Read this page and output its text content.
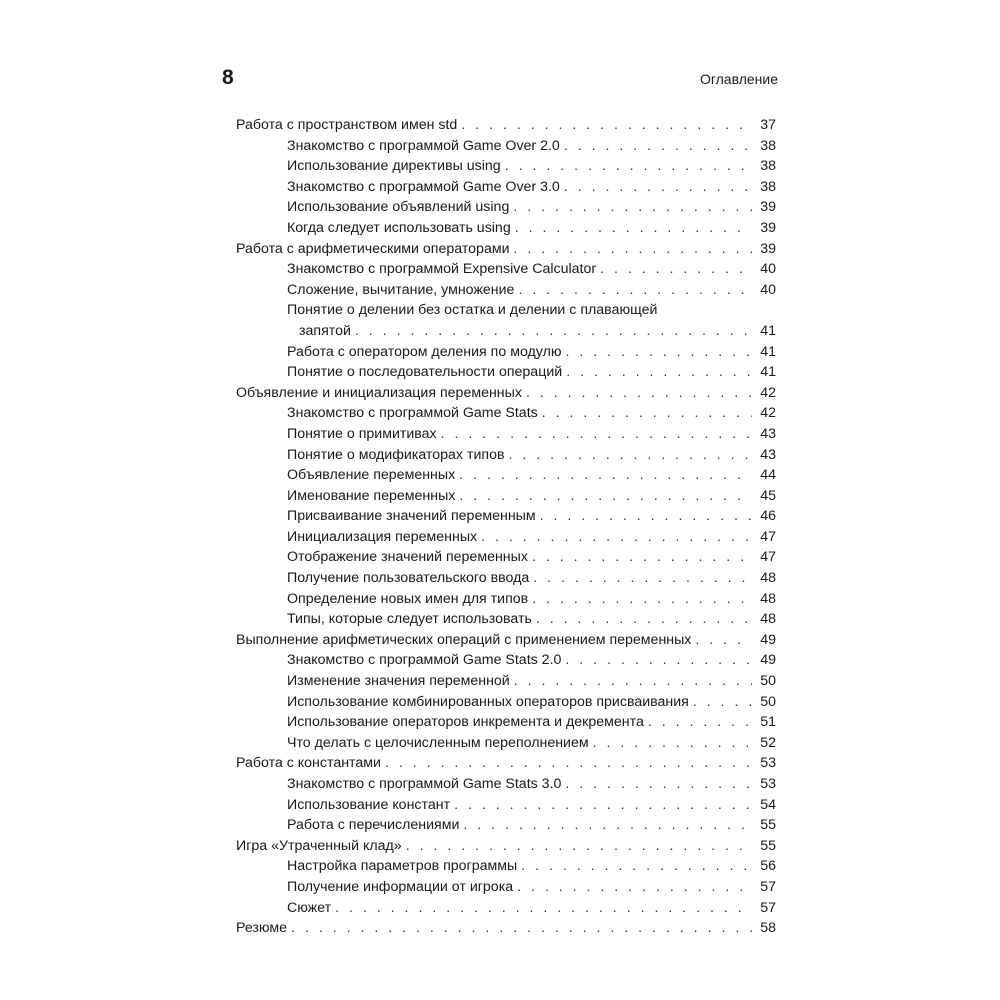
8	Оглавление
Работа с пространством имен std . . .	37
Знакомство с программой Game Over 2.0 . . .	38
Использование директивы using . . .	38
Знакомство с программой Game Over 3.0 . . .	38
Использование объявлений using . . .	39
Когда следует использовать using . . .	39
Работа с арифметическими операторами . . .	39
Знакомство с программой Expensive Calculator . . .	40
Сложение, вычитание, умножение . . .	40
Понятие о делении без остатка и делении с плавающей
запятой . . .	41
Работа с оператором деления по модулю . . .	41
Понятие о последовательности операций . . .	41
Объявление и инициализация переменных . . .	42
Знакомство с программой Game Stats . . .	42
Понятие о примитивах . . .	43
Понятие о модификаторах типов . . .	43
Объявление переменных . . .	44
Именование переменных . . .	45
Присваивание значений переменным . . .	46
Инициализация переменных . . .	47
Отображение значений переменных . . .	47
Получение пользовательского ввода . . .	48
Определение новых имен для типов . . .	48
Типы, которые следует использовать . . .	48
Выполнение арифметических операций с применением переменных . . .	49
Знакомство с программой Game Stats 2.0 . . .	49
Изменение значения переменной . . .	50
Использование комбинированных операторов присваивания . . .	50
Использование операторов инкремента и декремента . . .	51
Что делать с целочисленным переполнением . . .	52
Работа с константами . . .	53
Знакомство с программой Game Stats 3.0 . . .	53
Использование констант . . .	54
Работа с перечислениями . . .	55
Игра «Утраченный клад» . . .	55
Настройка параметров программы . . .	56
Получение информации от игрока . . .	57
Сюжет . . .	57
Резюме . . .	58
